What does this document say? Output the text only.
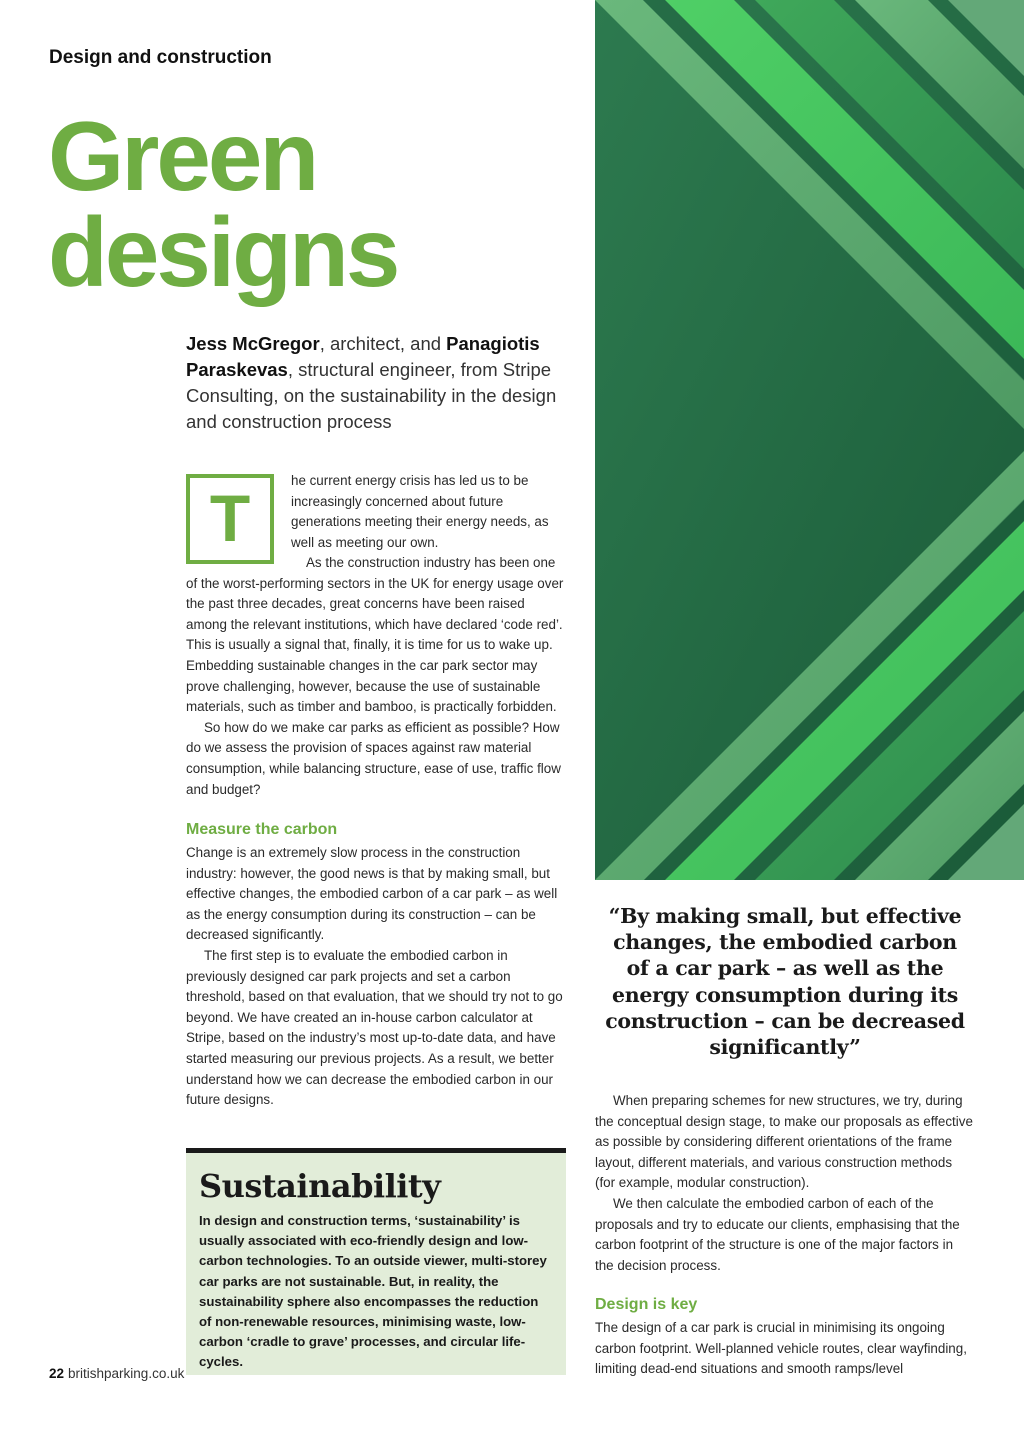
Design and construction
Green
designs
Jess McGregor, architect, and Panagiotis Paraskevas, structural engineer, from Stripe Consulting, on the sustainability in the design and construction process
T

he current energy crisis has led us to be increasingly concerned about future generations meeting their energy needs, as well as meeting our own.

As the construction industry has been one of the worst-performing sectors in the UK for energy usage over the past three decades, great concerns have been raised among the relevant institutions, which have declared ‘code red’. This is usually a signal that, finally, it is time for us to wake up. Embedding sustainable changes in the car park sector may prove challenging, however, because the use of sustainable materials, such as timber and bamboo, is practically forbidden.

So how do we make car parks as efficient as possible? How do we assess the provision of spaces against raw material consumption, while balancing structure, ease of use, traffic flow and budget?

Measure the carbon

Change is an extremely slow process in the construction industry: however, the good news is that by making small, but effective changes, the embodied carbon of a car park – as well as the energy consumption during its construction – can be decreased significantly.

The first step is to evaluate the embodied carbon in previously designed car park projects and set a carbon threshold, based on that evaluation, that we should try not to go beyond. We have created an in-house carbon calculator at Stripe, based on the industry’s most up-to-date data, and have started measuring our previous projects. As a result, we better understand how we can decrease the embodied carbon in our future designs.

Sustainability

In design and construction terms, ‘sustainability’ is usually associated with eco-friendly design and low-carbon technologies. To an outside viewer, multi-storey car parks are not sustainable. But, in reality, the sustainability sphere also encompasses the reduction of non-renewable resources, minimising waste, low-carbon ‘cradle to grave’ processes, and circular life-cycles.

“By making small, but effective changes, the embodied carbon of a car park – as well as the energy consumption during its construction – can be decreased significantly”

When preparing schemes for new structures, we try, during the conceptual design stage, to make our proposals as effective as possible by considering different orientations of the frame layout, different materials, and various construction methods (for example, modular construction).

We then calculate the embodied carbon of each of the proposals and try to educate our clients, emphasising that the carbon footprint of the structure is one of the major factors in the decision process.

Design is key

The design of a car park is crucial in minimising its ongoing carbon footprint. Well-planned vehicle routes, clear wayfinding, limiting dead-end situations and smooth ramps/level

22 britishparking.co.uk
